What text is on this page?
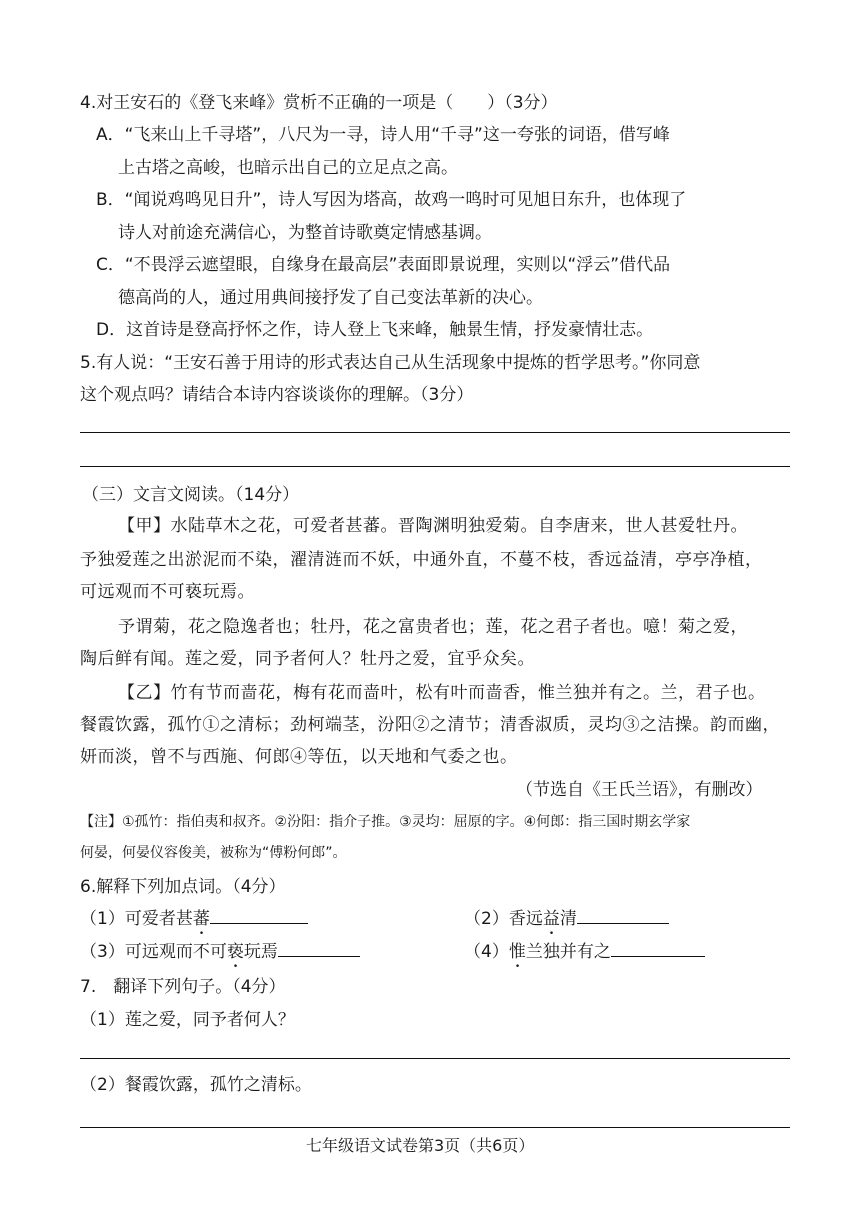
4.对王安石的《登飞来峰》赏析不正确的一项是（　　）（3分）
A．“飞来山上千寻塔”，八尺为一寻，诗人用“千寻”这一夸张的词语，借写峰
上古塔之高峻，也暗示出自己的立足点之高。
B．“闻说鸡鸣见日升”，诗人写因为塔高，故鸡一鸣时可见旭日东升，也体现了
诗人对前途充满信心，为整首诗歌奠定情感基调。
C．“不畏浮云遮望眼，自缘身在最高层”表面即景说理，实则以“浮云”借代品
德高尚的人，通过用典间接抒发了自己变法革新的决心。
D．这首诗是登高抒怀之作，诗人登上飞来峰，触景生情，抒发豪情壮志。
5.有人说：“王安石善于用诗的形式表达自己从生活现象中提炼的哲学思考。”你同意
这个观点吗？请结合本诗内容谈谈你的理解。（3分）
（三）文言文阅读。（14分）
【甲】水陆草木之花，可爱者甚蕃。晋陶渊明独爱菊。自李唐来，世人甚爱牡丹。
予独爱莲之出淤泥而不染，濯清涟而不妖，中通外直，不蔓不枝，香远益清，亭亭净植，
可远观而不可亵玩焉。
予谓菊，花之隐逸者也；牡丹，花之富贵者也；莲，花之君子者也。噫！菊之爱，
陶后鲜有闻。莲之爱，同予者何人？牡丹之爱，宜乎众矣。
【乙】竹有节而啬花，梅有花而啬叶，松有叶而啬香，惟兰独并有之。兰，君子也。
餐霞饮露，孤竹①之清标；劲柯端茎，汾阳②之清节；清香淑质，灵均③之洁操。韵而幽，
妍而淡，曾不与西施、何郎④等伍，以天地和气委之也。
（节选自《王氏兰语》，有删改）
【注】①孤竹：指伯夷和叔齐。②汾阳：指介子推。③灵均：屈原的字。④何郎：指三国时期玄学家
何晏，何晏仪容俊美，被称为“傅粉何郎”。
6.解释下列加点词。（4分）
（1）可爱者甚蕃	（2）香远益清
（3）可远观而不可亵玩焉	（4）惟兰独并有之
7.　翻译下列句子。（4分）
（1）莲之爱，同予者何人？
（2）餐霞饮露，孤竹之清标。
七年级语文试卷第3页（共6页）
